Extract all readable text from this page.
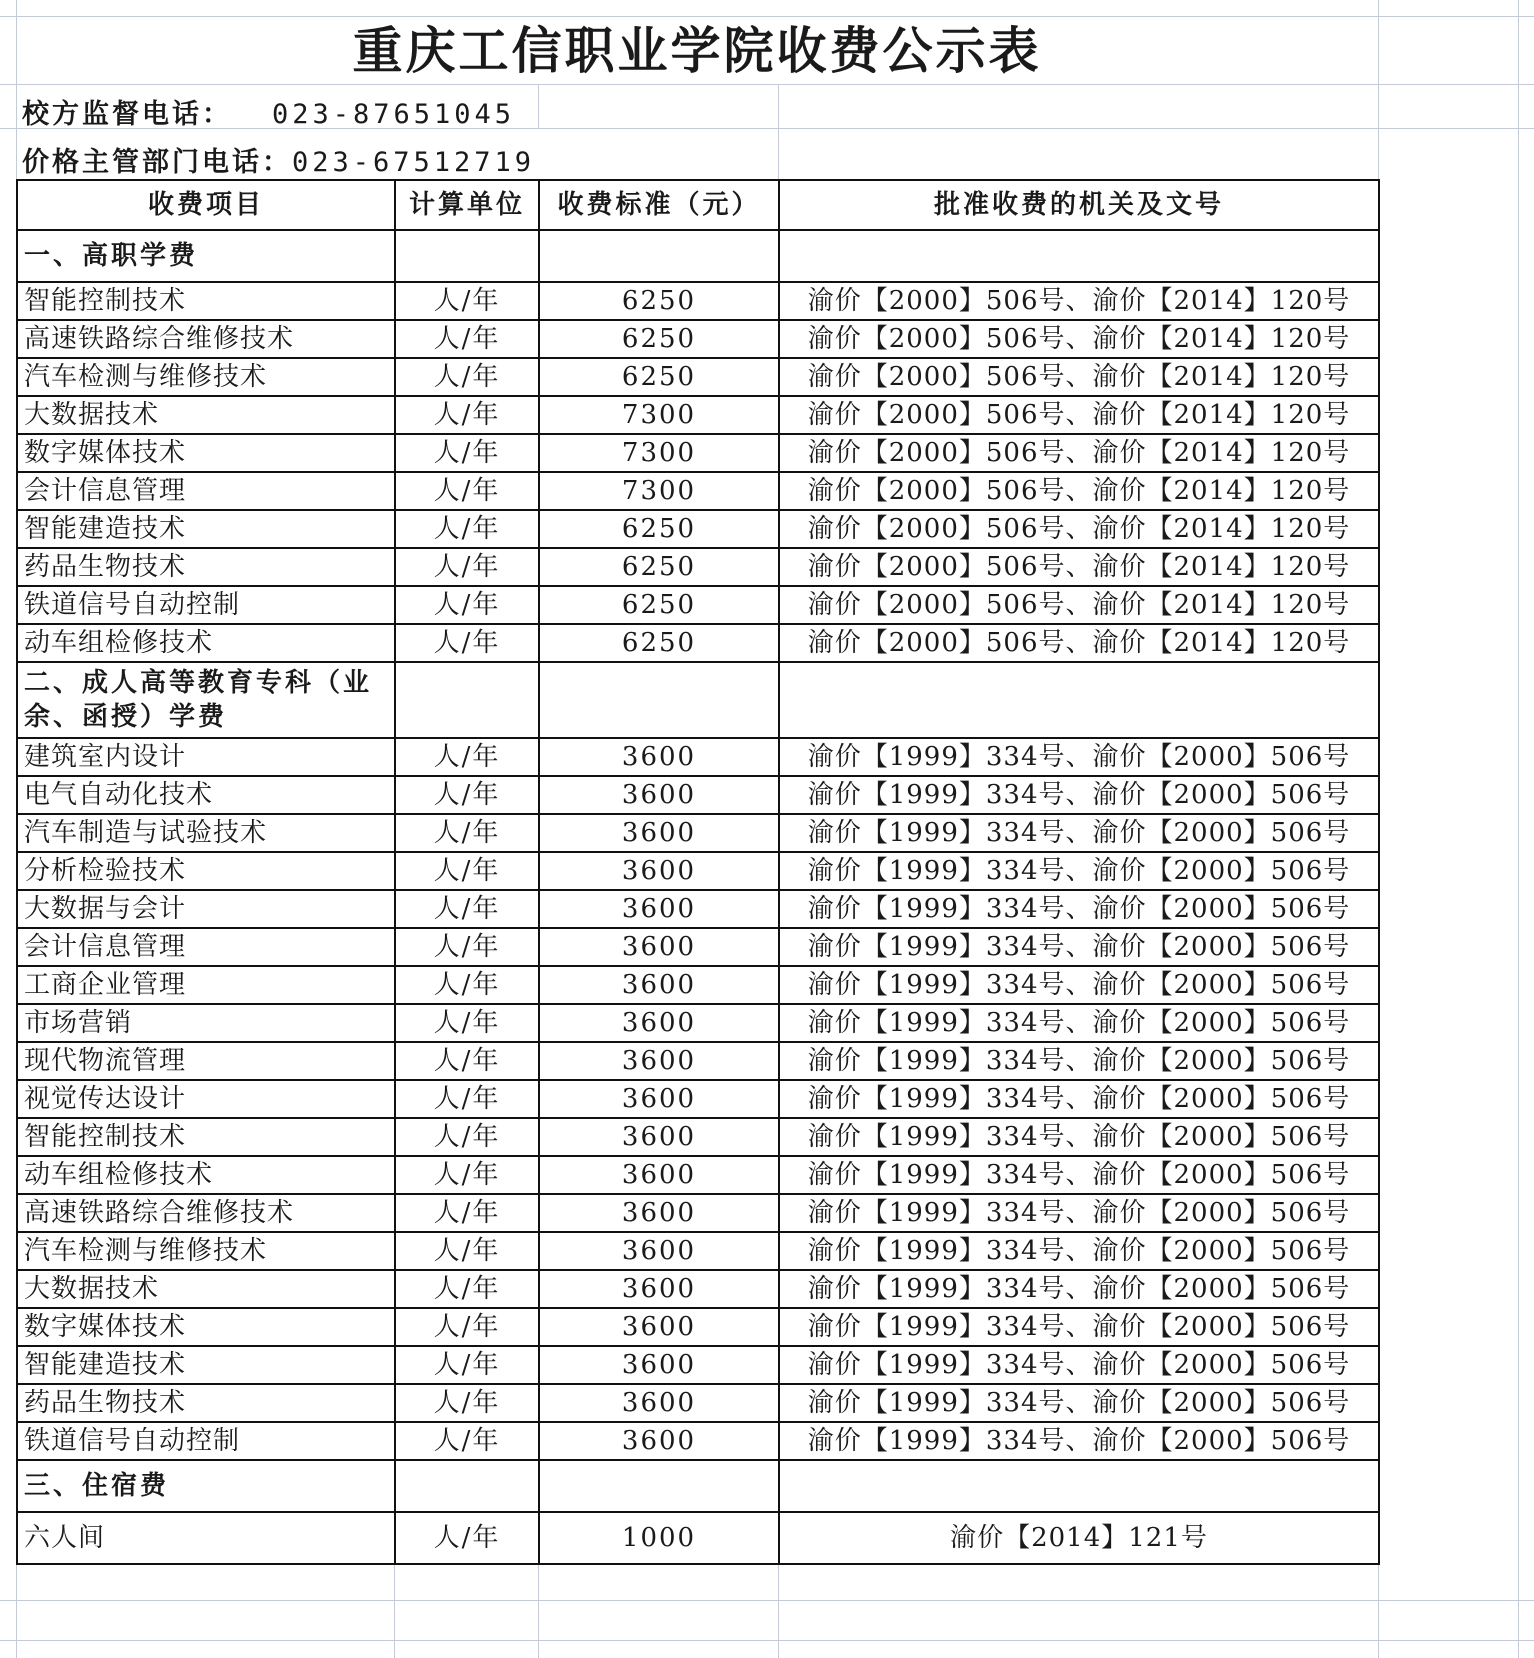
重庆工信职业学院收费公示表
校方监督电话： 023-87651045
价格主管部门电话：023-67512719
收费项目	计算单位	收费标准（元）	批准收费的机关及文号
一、高职学费			
智能控制技术	人/年	6250	渝价【2000】506号、渝价【2014】120号
高速铁路综合维修技术	人/年	6250	渝价【2000】506号、渝价【2014】120号
汽车检测与维修技术	人/年	6250	渝价【2000】506号、渝价【2014】120号
大数据技术	人/年	7300	渝价【2000】506号、渝价【2014】120号
数字媒体技术	人/年	7300	渝价【2000】506号、渝价【2014】120号
会计信息管理	人/年	7300	渝价【2000】506号、渝价【2014】120号
智能建造技术	人/年	6250	渝价【2000】506号、渝价【2014】120号
药品生物技术	人/年	6250	渝价【2000】506号、渝价【2014】120号
铁道信号自动控制	人/年	6250	渝价【2000】506号、渝价【2014】120号
动车组检修技术	人/年	6250	渝价【2000】506号、渝价【2014】120号
二、成人高等教育专科（业余、函授）学费			
建筑室内设计	人/年	3600	渝价【1999】334号、渝价【2000】506号
电气自动化技术	人/年	3600	渝价【1999】334号、渝价【2000】506号
汽车制造与试验技术	人/年	3600	渝价【1999】334号、渝价【2000】506号
分析检验技术	人/年	3600	渝价【1999】334号、渝价【2000】506号
大数据与会计	人/年	3600	渝价【1999】334号、渝价【2000】506号
会计信息管理	人/年	3600	渝价【1999】334号、渝价【2000】506号
工商企业管理	人/年	3600	渝价【1999】334号、渝价【2000】506号
市场营销	人/年	3600	渝价【1999】334号、渝价【2000】506号
现代物流管理	人/年	3600	渝价【1999】334号、渝价【2000】506号
视觉传达设计	人/年	3600	渝价【1999】334号、渝价【2000】506号
智能控制技术	人/年	3600	渝价【1999】334号、渝价【2000】506号
动车组检修技术	人/年	3600	渝价【1999】334号、渝价【2000】506号
高速铁路综合维修技术	人/年	3600	渝价【1999】334号、渝价【2000】506号
汽车检测与维修技术	人/年	3600	渝价【1999】334号、渝价【2000】506号
大数据技术	人/年	3600	渝价【1999】334号、渝价【2000】506号
数字媒体技术	人/年	3600	渝价【1999】334号、渝价【2000】506号
智能建造技术	人/年	3600	渝价【1999】334号、渝价【2000】506号
药品生物技术	人/年	3600	渝价【1999】334号、渝价【2000】506号
铁道信号自动控制	人/年	3600	渝价【1999】334号、渝价【2000】506号
三、住宿费			
六人间	人/年	1000	渝价【2014】121号
